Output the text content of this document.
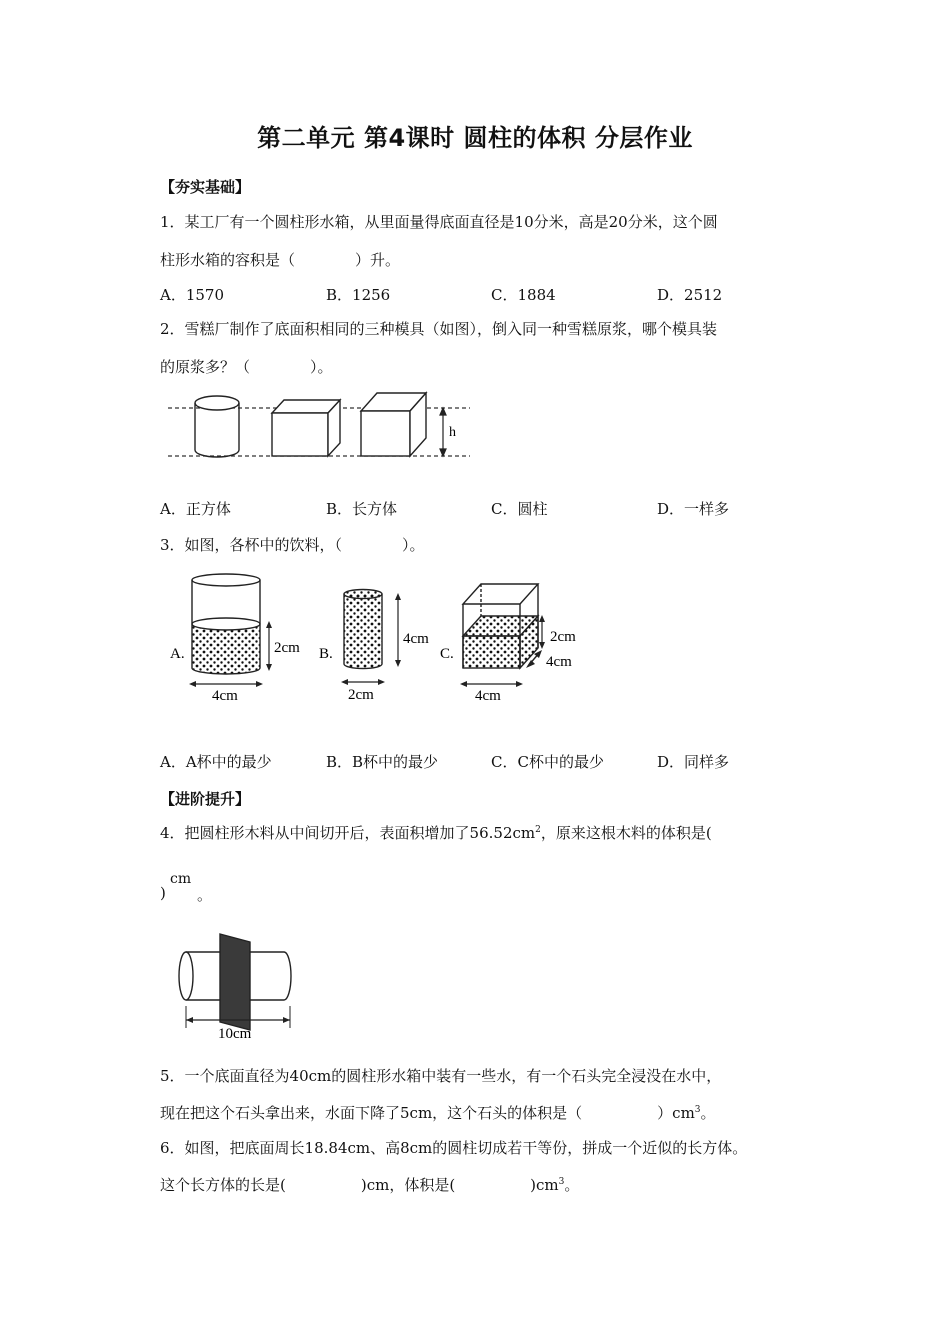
第二单元 第4课时 圆柱的体积 分层作业
【夯实基础】
1．某工厂有一个圆柱形水箱，从里面量得底面直径是10分米，高是20分米，这个圆
柱形水箱的容积是（　　　　）升。
A．1570	B．1256	C．1884	D．2512
2．雪糕厂制作了底面积相同的三种模具（如图），倒入同一种雪糕原浆，哪个模具装
的原浆多？（　　　　）。
h
A．正方体	B．长方体	C．圆柱	D．一样多
3．如图，各杯中的饮料，（　　　　）。
A.	2cm
4cm
B.
4cm
2cm
C.
2cm
4cm
4cm
A．A杯中的最少	B．B杯中的最少	C．C杯中的最少	D．同样多
【进阶提升】
4．把圆柱形木料从中间切开后，表面积增加了$56.52cm^2$，原来这根木料的体积是(
)
cm
。
10cm
5．一个底面直径为40cm的圆柱形水箱中装有一些水，有一个石头完全浸没在水中，
现在把这个石头拿出来，水面下降了5cm，这个石头的体积是（　　　　　）$cm^3$。
6．如图，把底面周长18.84cm、高8cm的圆柱切成若干等份，拼成一个近似的长方体。
这个长方体的长是(　　　　　)cm，体积是(　　　　　)$cm^3$。
